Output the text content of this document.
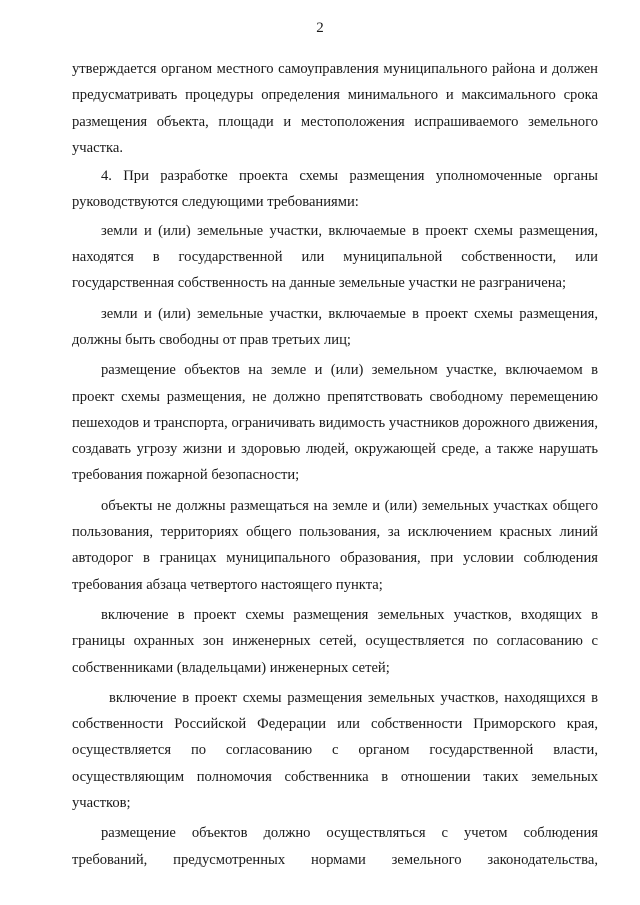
2

утверждается органом местного самоуправления муниципального района и должен предусматривать процедуры определения минимального и максимального срока размещения объекта, площади и местоположения испрашиваемого земельного участка.

4. При разработке проекта схемы размещения уполномоченные органы руководствуются следующими требованиями:

земли и (или) земельные участки, включаемые в проект схемы размещения, находятся в государственной или муниципальной собственности, или государственная собственность на данные земельные участки не разграничена;

земли и (или) земельные участки, включаемые в проект схемы размещения, должны быть свободны от прав третьих лиц;

размещение объектов на земле и (или) земельном участке, включаемом в проект схемы размещения, не должно препятствовать свободному перемещению пешеходов и транспорта, ограничивать видимость участников дорожного движения, создавать угрозу жизни и здоровью людей, окружающей среде, а также нарушать требования пожарной безопасности;

объекты не должны размещаться на земле и (или) земельных участках общего пользования, территориях общего пользования, за исключением красных линий автодорог в границах муниципального образования, при условии соблюдения требования абзаца четвертого настоящего пункта;

включение в проект схемы размещения земельных участков, входящих в границы охранных зон инженерных сетей, осуществляется по согласованию с собственниками (владельцами) инженерных сетей;

включение в проект схемы размещения земельных участков, находящихся в собственности Российской Федерации или собственности Приморского края, осуществляется по согласованию с органом государственной власти, осуществляющим полномочия собственника в отношении таких земельных участков;

размещение объектов должно осуществляться с учетом соблюдения требований, предусмотренных нормами земельного законодательства,
